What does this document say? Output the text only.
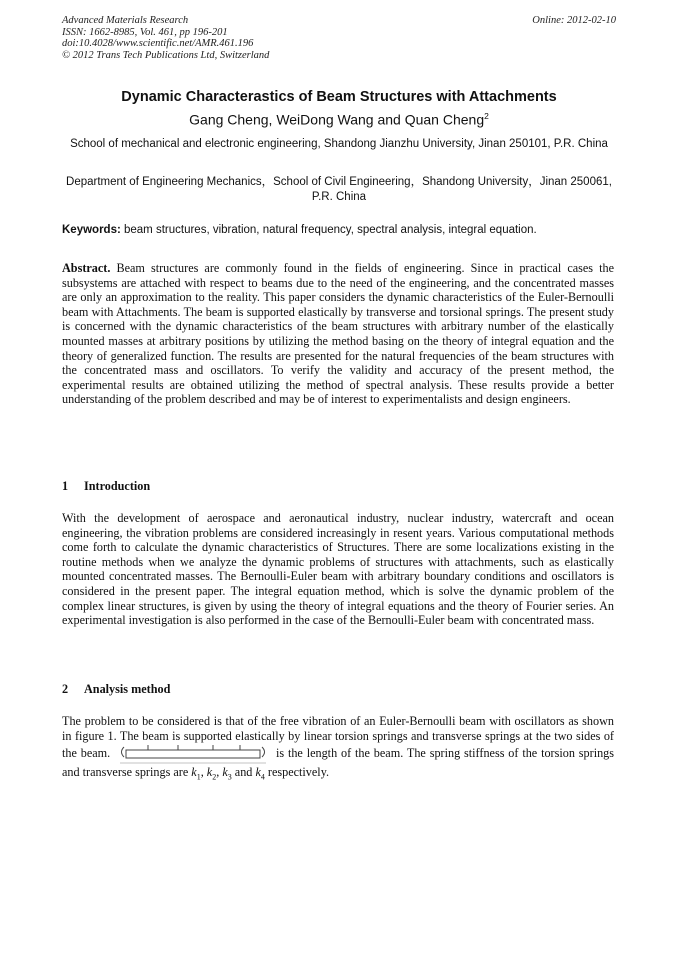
Advanced Materials Research
ISSN: 1662-8985, Vol. 461, pp 196-201
doi:10.4028/www.scientific.net/AMR.461.196
© 2012 Trans Tech Publications Ltd, Switzerland
Online: 2012-02-10
Dynamic Characterastics of Beam Structures with Attachments
Gang Cheng, WeiDong Wang and Quan Cheng$^2$
School of mechanical and electronic engineering, Shandong Jianzhu University, Jinan 250101, P.R. China
Department of Engineering Mechanics，School of Civil Engineering，Shandong University，Jinan 250061, P.R. China
Keywords: beam structures, vibration, natural frequency, spectral analysis, integral equation.
Abstract. Beam structures are commonly found in the fields of engineering. Since in practical cases the subsystems are attached with respect to beams due to the need of the engineering, and the concentrated masses are only an approximation to the reality. This paper considers the dynamic characteristics of the Euler-Bernoulli beam with Attachments. The beam is supported elastically by transverse and torsional springs. The present study is concerned with the dynamic characteristics of the beam structures with arbitrary number of the elastically mounted masses at arbitrary positions by utilizing the method basing on the theory of integral equation and the theory of generalized function. The results are presented for the natural frequencies of the beam structures with the concentrated mass and oscillators. To verify the validity and accuracy of the present method, the experimental results are obtained utilizing the method of spectral analysis. These results provide a better understanding of the problem described and may be of interest to experimentalists and design engineers.
1 Introduction
With the development of aerospace and aeronautical industry, nuclear industry, watercraft and ocean engineering, the vibration problems are considered increasingly in resent years. Various computational methods come forth to calculate the dynamic characteristics of Structures. There are some localizations existing in the routine methods when we analyze the dynamic problems of structures with attachments, such as elastically mounted concentrated masses. The Bernoulli-Euler beam with arbitrary boundary conditions and oscillators is considered in the present paper. The integral equation method, which is solve the dynamic problem of the complex linear structures, is given by using the theory of integral equations and the theory of Fourier series. An experimental investigation is also performed in the case of the Bernoulli-Euler beam with concentrated mass.
2 Analysis method
The problem to be considered is that of the free vibration of an Euler-Bernoulli beam with oscillators as shown in figure 1. The beam is supported elastically by linear torsion springs and transverse springs at the two sides of the beam.	is the length of the beam. The spring stiffness of the torsion springs and transverse springs are $k_1$, $k_2$, $k_3$ and $k_4$ respectively.
